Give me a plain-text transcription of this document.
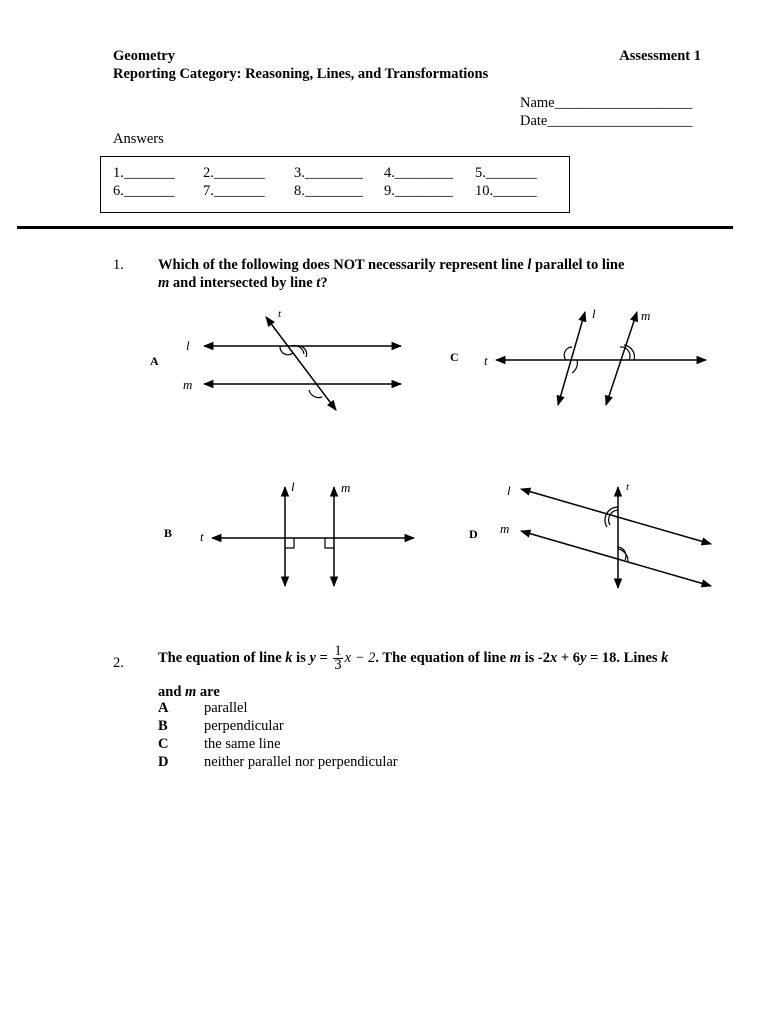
Geometry
Reporting Category: Reasoning, Lines, and Transformations
Assessment 1
Name___________________
Date____________________
Answers
1._______ 2._______ 3.________ 4.________ 5._______
6._______ 7._______ 8.________ 9.________ 10.______
1. Which of the following does NOT necessarily represent line l parallel to line
m and intersected by line t?
A
l
m
t
C t
l	m
B t
l	m
D
l
m
t
2. The equation of line k is $y = \frac{1}{3}$ x − 2. The equation of line m is -2x + 6y = 18. Lines k
and m are
A parallel
B	perpendicular
C the same line
D neither parallel nor perpendicular
